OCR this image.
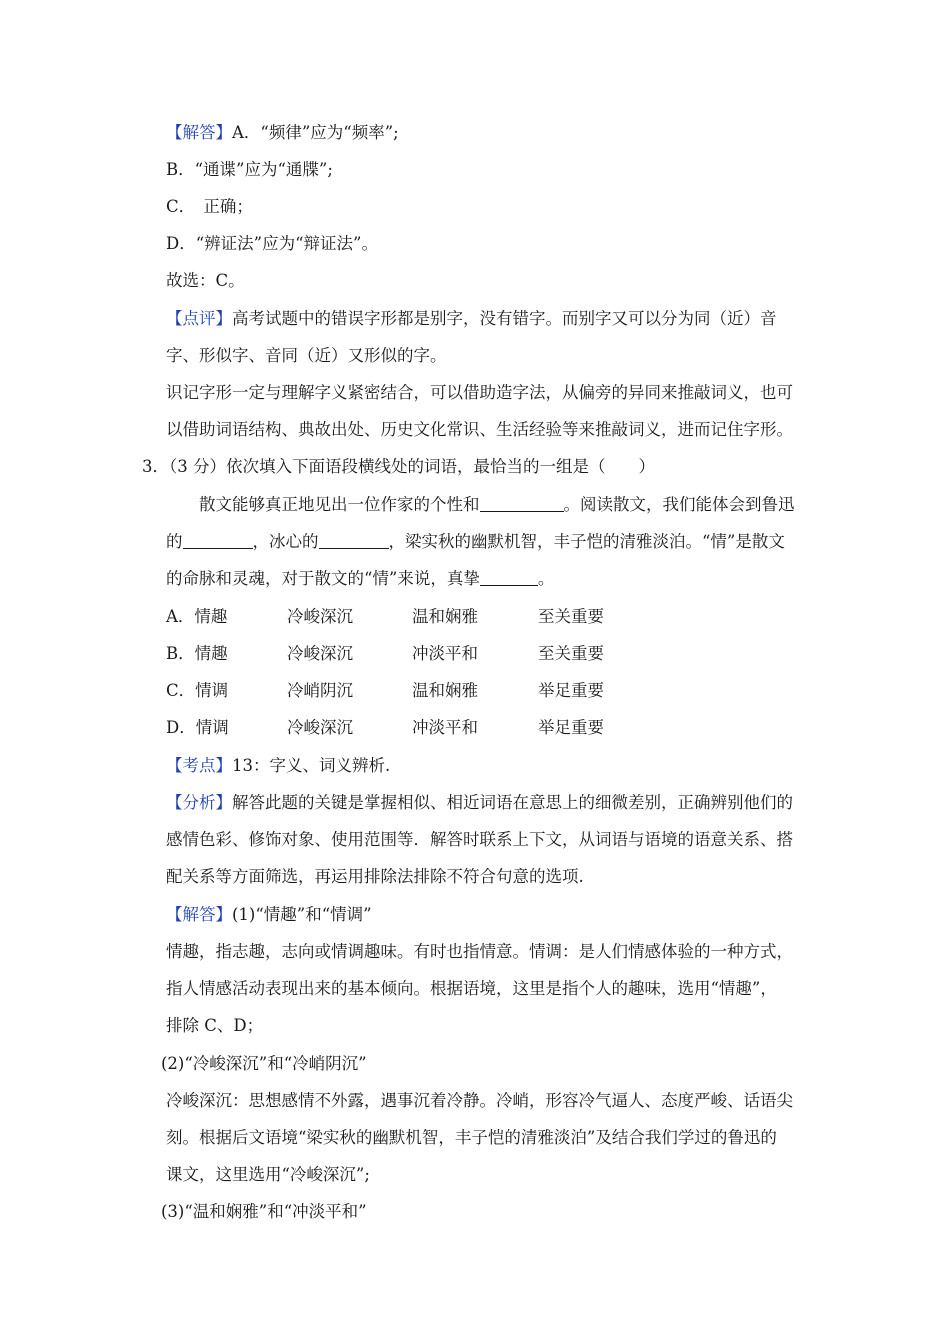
【解答】A．“频律”应为“频率”;
B．“通谍”应为“通牒”;
C．　正确；
D．“辨证法”应为“辩证法”。
故选：C。
【点评】高考试题中的错误字形都是别字，没有错字。而别字又可以分为同（近）音
字、形似字、音同（近）又形似的字。
识记字形一定与理解字义紧密结合，可以借助造字法，从偏旁的异同来推敲词义，也可
以借助词语结构、典故出处、历史文化常识、生活经验等来推敲词义，进而记住字形。
3．（3 分）依次填入下面语段横线处的词语，最恰当的一组是（　　）
散文能够真正地见出一位作家的个性和	。阅读散文，我们能体会到鲁迅
的	，冰心的	，梁实秋的幽默机智，丰子恺的清雅淡泊。“情”是散文
的命脉和灵魂，对于散文的“情”来说，真挚	。
A．情趣	冷峻深沉	温和娴雅	至关重要
B．情趣	冷峻深沉	冲淡平和	至关重要
C．情调	冷峭阴沉	温和娴雅	举足重要
D．情调	冷峻深沉	冲淡平和	举足重要
【考点】13：字义、词义辨析.
【分析】解答此题的关键是掌握相似、相近词语在意思上的细微差别，正确辨别他们的
感情色彩、修饰对象、使用范围等．解答时联系上下文，从词语与语境的语意关系、搭
配关系等方面筛选，再运用排除法排除不符合句意的选项.
【解答】(1)“情趣”和“情调”
情趣，指志趣，志向或情调趣味。有时也指情意。情调：是人们情感体验的一种方式，
指人情感活动表现出来的基本倾向。根据语境，这里是指个人的趣味，选用“情趣”，
排除 C、D；
(2)“冷峻深沉”和“冷峭阴沉”
冷峻深沉：思想感情不外露，遇事沉着冷静。冷峭，形容冷气逼人、态度严峻、话语尖
刻。根据后文语境“梁实秋的幽默机智，丰子恺的清雅淡泊”及结合我们学过的鲁迅的
课文，这里选用“冷峻深沉”;
(3)“温和娴雅”和“冲淡平和”
